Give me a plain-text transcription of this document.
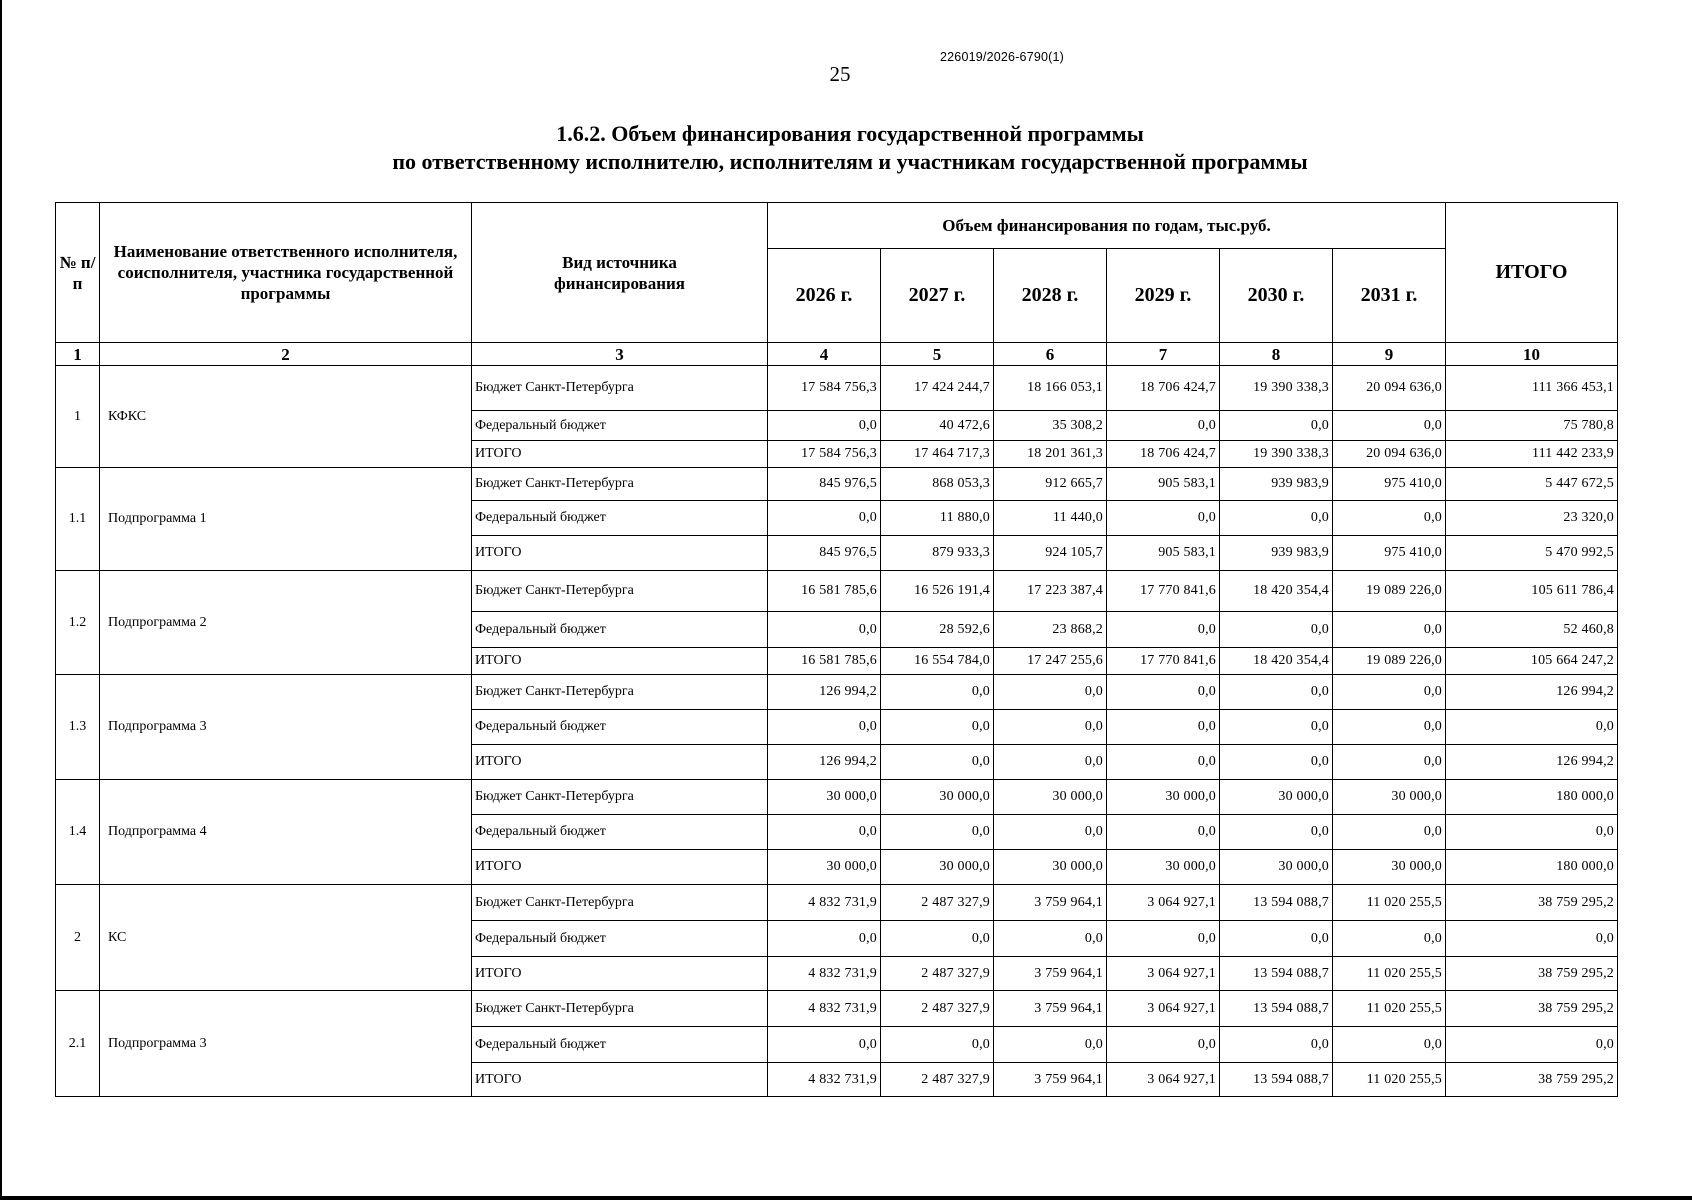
25
226019/2026-6790(1)
1.6.2. Объем финансирования государственной программы
по ответственному исполнителю, исполнителям и участникам государственной программы
№ п/п	Наименование ответственного исполнителя, соисполнителя, участника государственной программы	Вид источника финансирования	Объем финансирования по годам, тыс.руб.						ИТОГО
			2026 г.	2027 г.	2028 г.	2029 г.	2030 г.	2031 г.	
1	2	3	4	5	6	7	8	9	10
1	КФКС	Бюджет Санкт-Петербурга	17 584 756,3	17 424 244,7	18 166 053,1	18 706 424,7	19 390 338,3	20 094 636,0	111 366 453,1
		Федеральный бюджет	0,0	40 472,6	35 308,2	0,0	0,0	0,0	75 780,8
		ИТОГО	17 584 756,3	17 464 717,3	18 201 361,3	18 706 424,7	19 390 338,3	20 094 636,0	111 442 233,9
1.1	Подпрограмма 1	Бюджет Санкт-Петербурга	845 976,5	868 053,3	912 665,7	905 583,1	939 983,9	975 410,0	5 447 672,5
		Федеральный бюджет	0,0	11 880,0	11 440,0	0,0	0,0	0,0	23 320,0
		ИТОГО	845 976,5	879 933,3	924 105,7	905 583,1	939 983,9	975 410,0	5 470 992,5
1.2	Подпрограмма 2	Бюджет Санкт-Петербурга	16 581 785,6	16 526 191,4	17 223 387,4	17 770 841,6	18 420 354,4	19 089 226,0	105 611 786,4
		Федеральный бюджет	0,0	28 592,6	23 868,2	0,0	0,0	0,0	52 460,8
		ИТОГО	16 581 785,6	16 554 784,0	17 247 255,6	17 770 841,6	18 420 354,4	19 089 226,0	105 664 247,2
1.3	Подпрограмма 3	Бюджет Санкт-Петербурга	126 994,2	0,0	0,0	0,0	0,0	0,0	126 994,2
		Федеральный бюджет	0,0	0,0	0,0	0,0	0,0	0,0	0,0
		ИТОГО	126 994,2	0,0	0,0	0,0	0,0	0,0	126 994,2
1.4	Подпрограмма 4	Бюджет Санкт-Петербурга	30 000,0	30 000,0	30 000,0	30 000,0	30 000,0	30 000,0	180 000,0
		Федеральный бюджет	0,0	0,0	0,0	0,0	0,0	0,0	0,0
		ИТОГО	30 000,0	30 000,0	30 000,0	30 000,0	30 000,0	30 000,0	180 000,0
2	КС	Бюджет Санкт-Петербурга	4 832 731,9	2 487 327,9	3 759 964,1	3 064 927,1	13 594 088,7	11 020 255,5	38 759 295,2
		Федеральный бюджет	0,0	0,0	0,0	0,0	0,0	0,0	0,0
		ИТОГО	4 832 731,9	2 487 327,9	3 759 964,1	3 064 927,1	13 594 088,7	11 020 255,5	38 759 295,2
2.1	Подпрограмма 3	Бюджет Санкт-Петербурга	4 832 731,9	2 487 327,9	3 759 964,1	3 064 927,1	13 594 088,7	11 020 255,5	38 759 295,2
		Федеральный бюджет	0,0	0,0	0,0	0,0	0,0	0,0	0,0
		ИТОГО	4 832 731,9	2 487 327,9	3 759 964,1	3 064 927,1	13 594 088,7	11 020 255,5	38 759 295,2
